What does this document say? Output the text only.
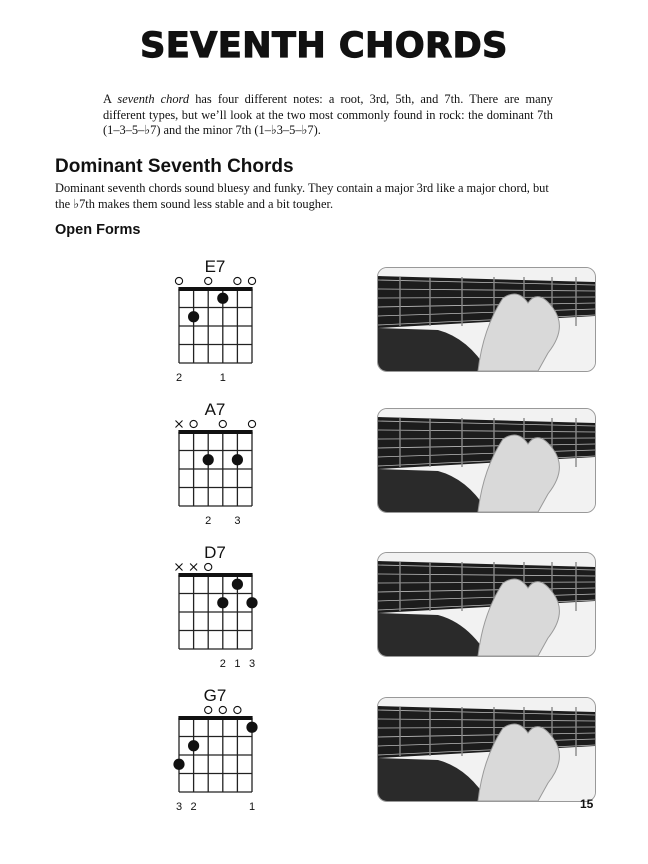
SEVENTH CHORDS

A seventh chord has four different notes: a root, 3rd, 5th, and 7th. There are many different types, but we’ll look at the two most commonly found in rock: the dominant 7th (1–3–5–♭7) and the minor 7th (1–♭3–5–♭7).

Dominant Seventh Chords

Dominant seventh chords sound bluesy and funky. They contain a major 3rd like a major chord, but the ♭7th makes them sound less stable and a bit tougher.

Open Forms
E7
2	1
A7
2 3
D7
2 1 3
G7
3 2	1	15
